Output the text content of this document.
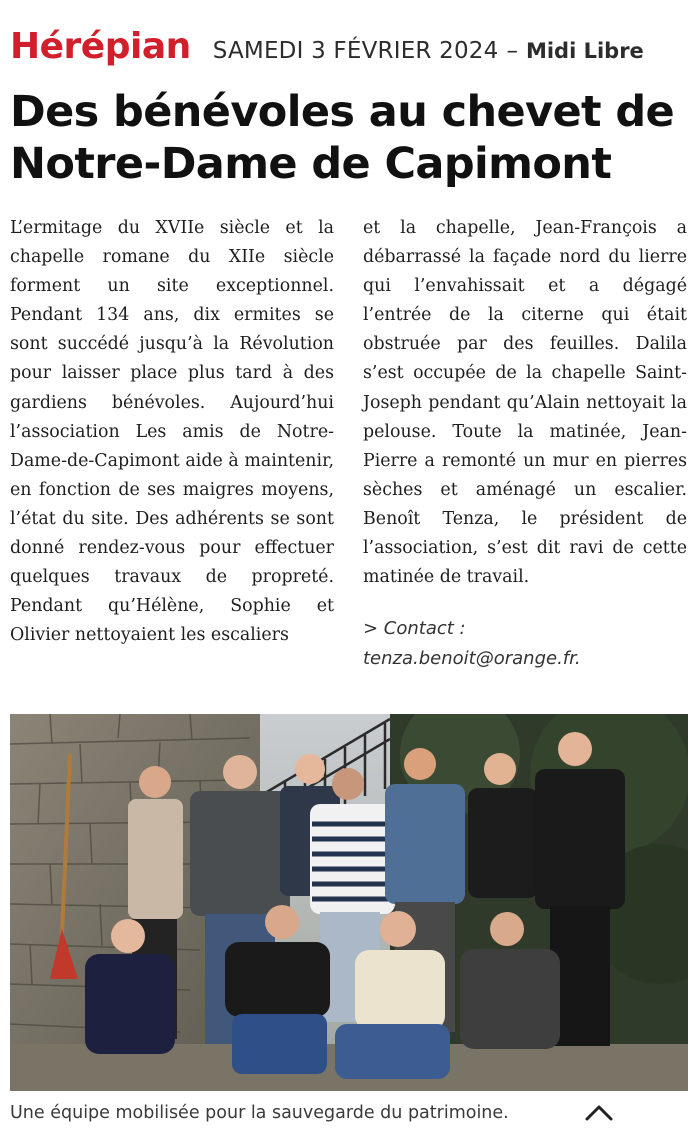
Hérépian SAMEDI 3 FÉVRIER 2024 – Midi Libre
Des bénévoles au chevet de Notre-Dame de Capimont

L’ermitage du XVIIe siècle et la chapelle romane du XIIe siècle forment un site exceptionnel. Pendant 134 ans, dix ermites se sont succédé jusqu’à la Révolution pour laisser place plus tard à des gardiens bénévoles. Aujourd’hui l’association Les amis de Notre-Dame-de-Capimont aide à maintenir, en fonction de ses maigres moyens, l’état du site. Des adhérents se sont donné rendez-vous pour effectuer quelques travaux de propreté. Pendant qu’Hélène, Sophie et Olivier nettoyaient les escaliers

et la chapelle, Jean-François a débarrassé la façade nord du lierre qui l’envahissait et a dégagé l’entrée de la citerne qui était obstruée par des feuilles. Dalila s’est occupée de la chapelle Saint-Joseph pendant qu’Alain nettoyait la pelouse. Toute la matinée, Jean-Pierre a remonté un mur en pierres sèches et aménagé un escalier. Benoît Tenza, le président de l’association, s’est dit ravi de cette matinée de travail.

> Contact :
tenza.benoit@orange.fr.
Une équipe mobilisée pour la sauvegarde du patrimoine.
